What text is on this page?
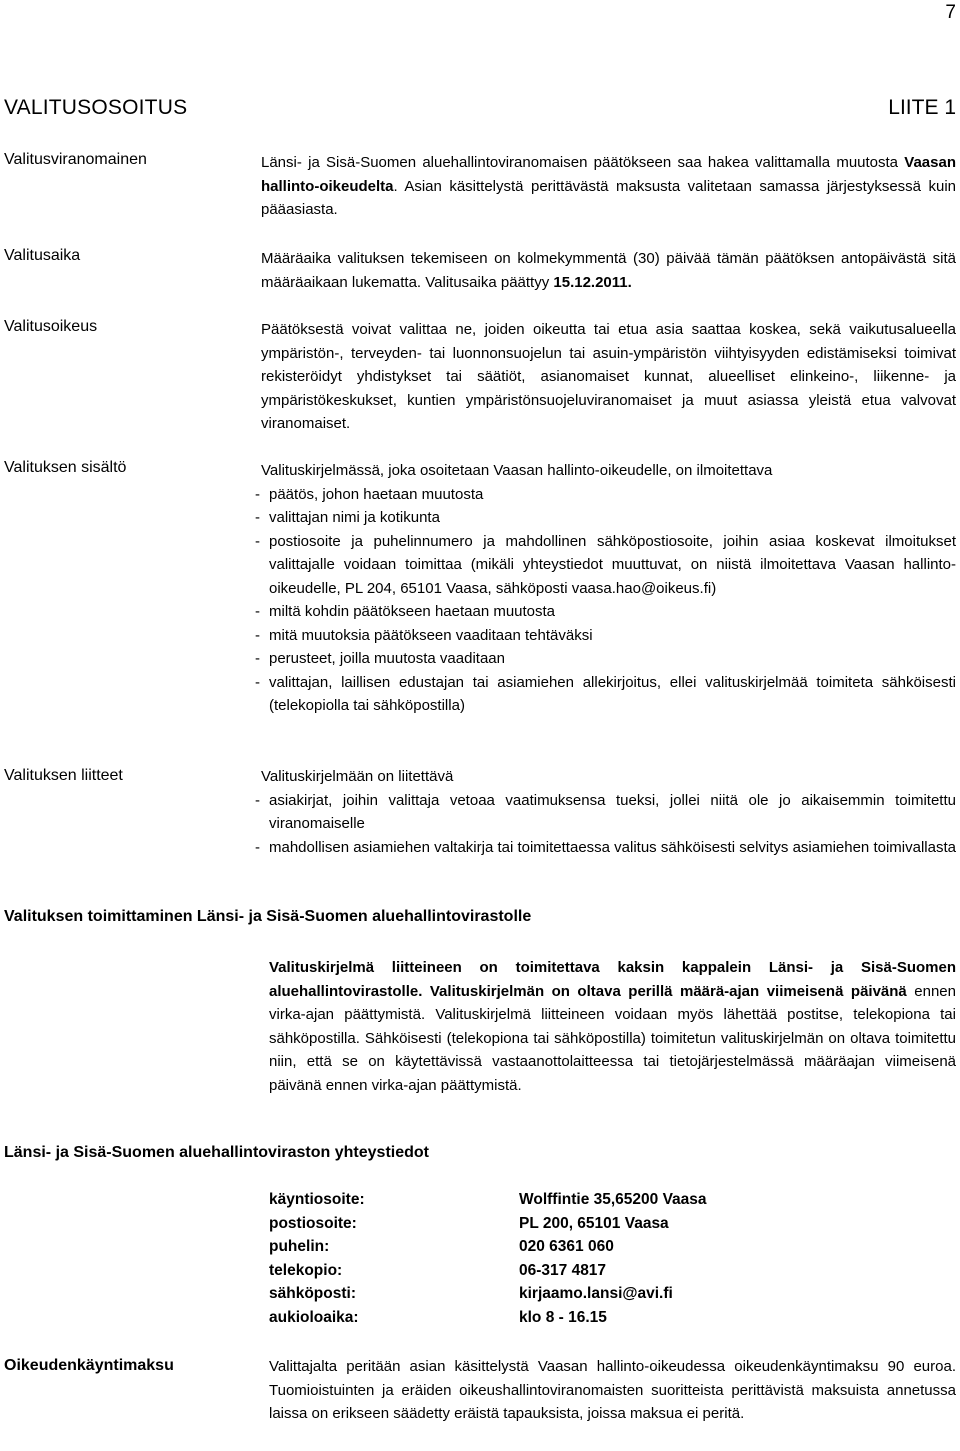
7
VALITUSOSOITUS	LIITE 1
Valitusviranomainen	Länsi- ja Sisä-Suomen aluehallintoviranomaisen päätökseen saa hakea valittamalla muutosta Vaasan hallinto-oikeudelta. Asian käsittelystä perittävästä maksusta valitetaan samassa järjestyksessä kuin pääasiasta.
Valitusaika	Määräaika valituksen tekemiseen on kolmekymmentä (30) päivää tämän päätöksen antopäivästä sitä määräaikaan lukematta. Valitusaika päättyy 15.12.2011.
Valitusoikeus	Päätöksestä voivat valittaa ne, joiden oikeutta tai etua asia saattaa koskea, sekä vaikutusalueella ympäristön-, terveyden- tai luonnonsuojelun tai asuin-ympäristön viihtyisyyden edistämiseksi toimivat rekisteröidyt yhdistykset tai säätiöt, asianomaiset kunnat, alueelliset elinkeino-, liikenne- ja ympäristökeskukset, kuntien ympäristönsuojeluviranomaiset ja muut asiassa yleistä etua valvovat viranomaiset.
Valituksen sisältö	Valituskirjelmässä, joka osoitetaan Vaasan hallinto-oikeudelle, on ilmoitettava
- päätös, johon haetaan muutosta
- valittajan nimi ja kotikunta
- postiosoite ja puhelinnumero ja mahdollinen sähköpostiosoite, joihin asiaa koskevat ilmoitukset valittajalle voidaan toimittaa (mikäli yhteystiedot muuttuvat, on niistä ilmoitettava Vaasan hallinto-oikeudelle, PL 204, 65101 Vaasa, sähköposti vaasa.hao@oikeus.fi)
- miltä kohdin päätökseen haetaan muutosta
- mitä muutoksia päätökseen vaaditaan tehtäväksi
- perusteet, joilla muutosta vaaditaan
- valittajan, laillisen edustajan tai asiamiehen allekirjoitus, ellei valituskirjelmää toimiteta sähköisesti (telekopiolla tai sähköpostilla)
Valituksen liitteet	Valituskirjelmään on liitettävä
- asiakirjat, joihin valittaja vetoaa vaatimuksensa tueksi, jollei niitä ole jo aikaisemmin toimitettu viranomaiselle
- mahdollisen asiamiehen valtakirja tai toimitettaessa valitus sähköisesti selvitys asiamiehen toimivallasta
Valituksen toimittaminen Länsi- ja Sisä-Suomen aluehallintovirastolle
Valituskirjelmä liitteineen on toimitettava kaksin kappalein Länsi- ja Sisä-Suomen aluehallintovirastolle. Valituskirjelmän on oltava perillä määrä-ajan viimeisenä päivänä ennen virka-ajan päättymistä. Valituskirjelmä liitteineen voidaan myös lähettää postitse, telekopiona tai sähköpostilla. Sähköisesti (telekopiona tai sähköpostilla) toimitetun valituskirjelmän on oltava toimitettu niin, että se on käytettävissä vastaanottolaitteessa tai tietojärjestelmässä määräajan viimeisenä päivänä ennen virka-ajan päättymistä.
Länsi- ja Sisä-Suomen aluehallintoviraston yhteystiedot
käyntiosoite:	Wolffintie 35,65200 Vaasa
postiosoite:	PL 200, 65101 Vaasa
puhelin:	020 6361 060
telekopio:	06-317 4817
sähköposti:	kirjaamo.lansi@avi.fi
aukioloaika:	klo 8 - 16.15
Oikeudenkäyntimaksu	Valittajalta peritään asian käsittelystä Vaasan hallinto-oikeudessa oikeudenkäyntimaksu 90 euroa. Tuomioistuinten ja eräiden oikeushallintoviranomaisten suoritteista perittävistä maksuista annetussa laissa on erikseen säädetty eräistä tapauksista, joissa maksua ei peritä.
